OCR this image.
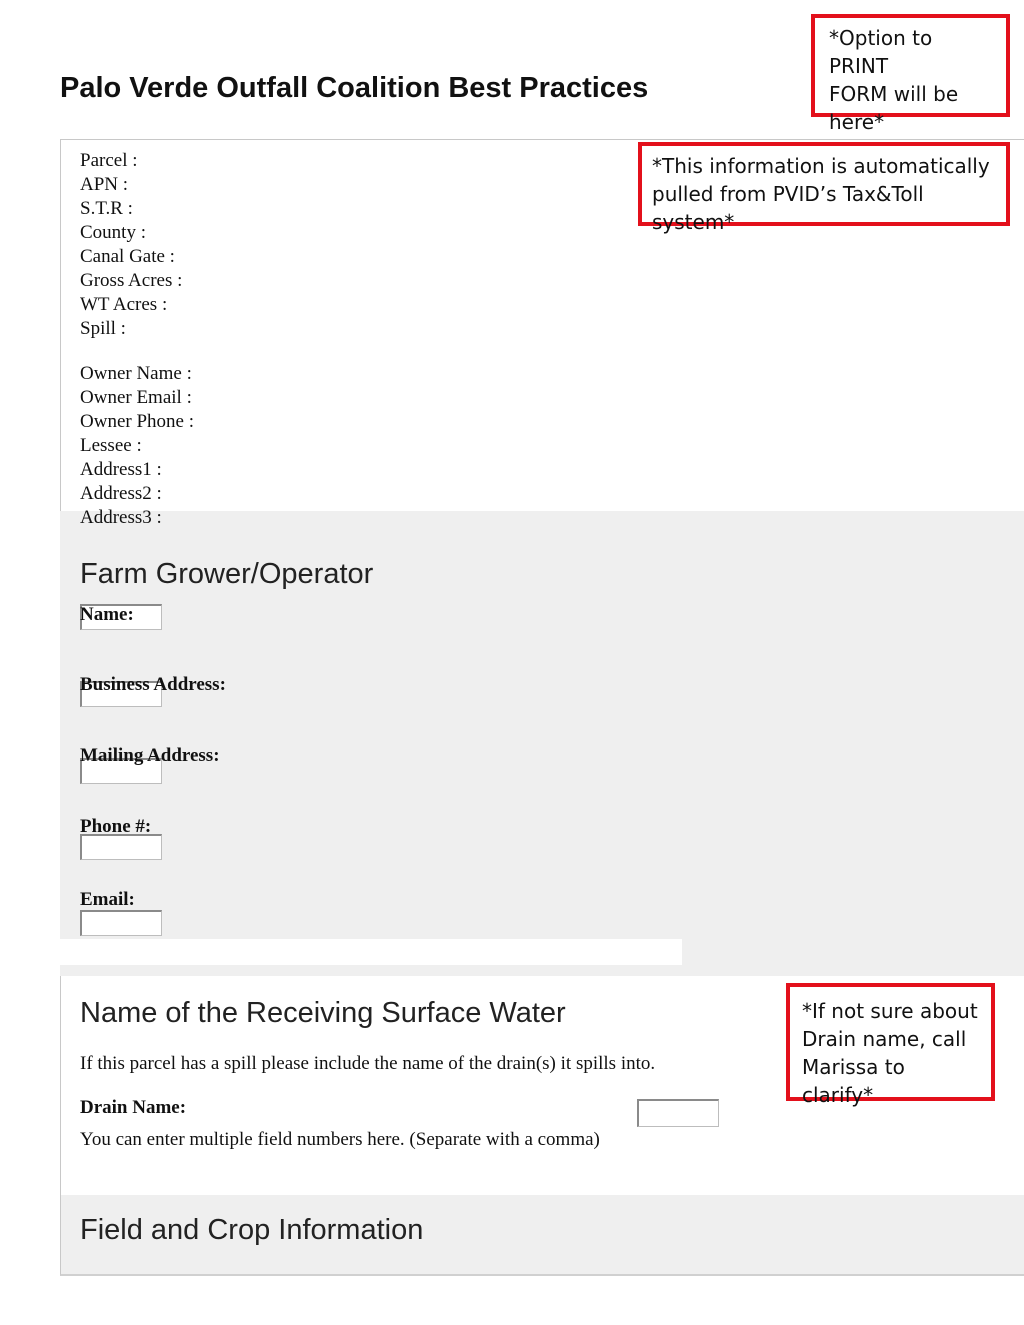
Palo Verde Outfall Coalition Best Practices
*Option to PRINT
FORM will be
here*
*This information is automatically
pulled from PVID’s Tax&Toll system*
Parcel :
APN :
S.T.R :
County :
Canal Gate :
Gross Acres :
WT Acres :
Spill :
Owner Name :
Owner Email :
Owner Phone :
Lessee :
Address1 :
Address2 :
Address3 :
Farm Grower/Operator
Name:
Business Address:
Mailing Address:
Phone #:
Email:
Name of the Receiving Surface Water
If this parcel has a spill please include the name of the drain(s) it spills into.
Drain Name:
You can enter multiple field numbers here. (Separate with a comma)
*If not sure about
Drain name, call
Marissa to clarify*
Field and Crop Information
